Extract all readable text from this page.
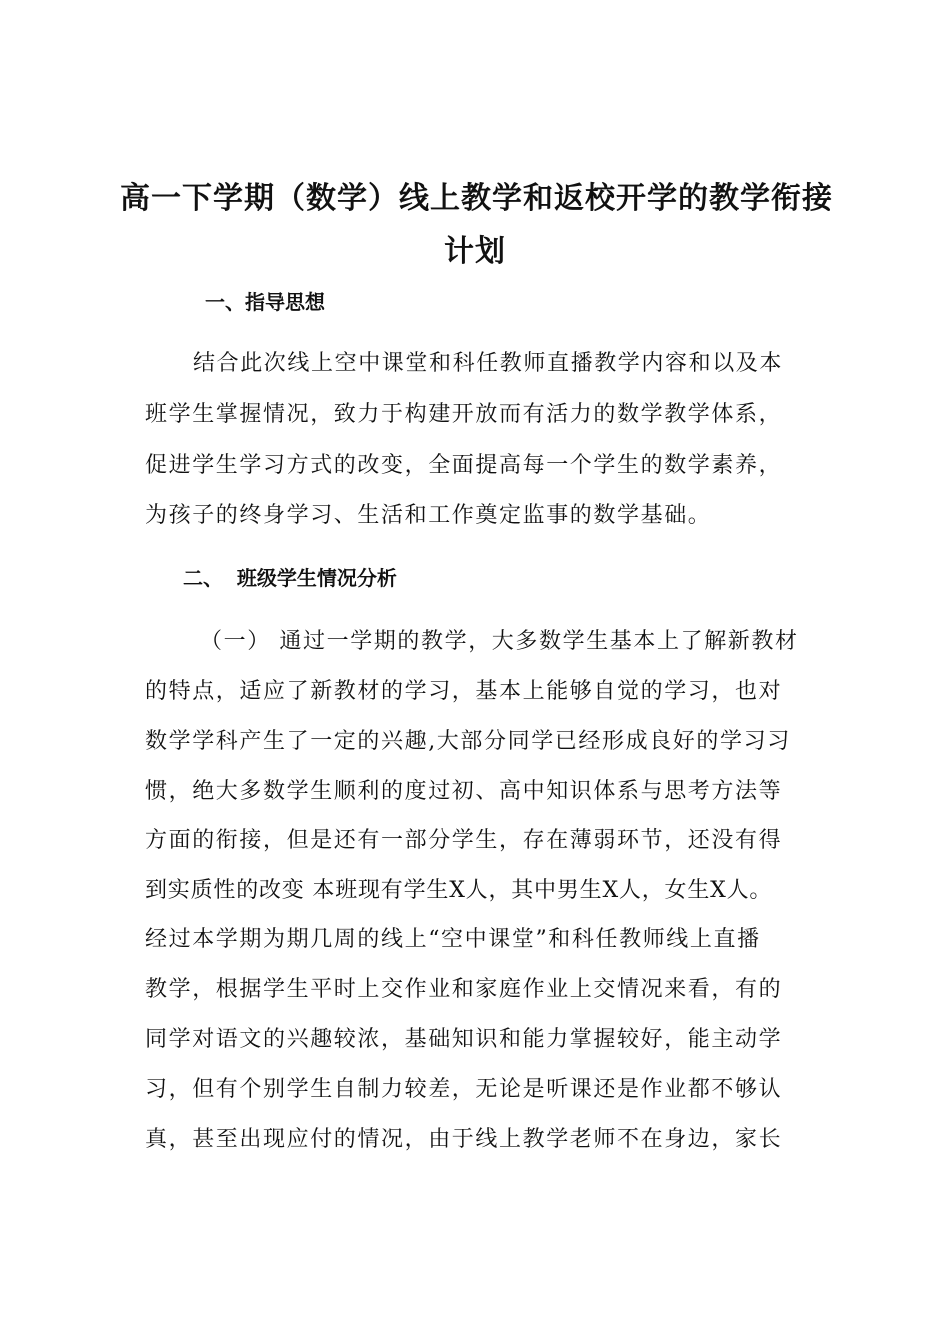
高一下学期（数学）线上教学和返校开学的教学衔接
计划
一、指导思想
结合此次线上空中课堂和科任教师直播教学内容和以及本
班学生掌握情况，致力于构建开放而有活力的数学教学体系，
促进学生学习方式的改变，全面提高每一个学生的数学素养，
为孩子的终身学习、生活和工作奠定监事的数学基础。
二、  班级学生情况分析
（一） 通过一学期的教学，大多数学生基本上了解新教材
的特点，适应了新教材的学习，基本上能够自觉的学习，也对
数学学科产生了一定的兴趣,大部分同学已经形成良好的学习习
惯，绝大多数学生顺利的度过初、高中知识体系与思考方法等
方面的衔接，但是还有一部分学生，存在薄弱环节，还没有得
到实质性的改变 本班现有学生X人，其中男生X人，女生X人。
经过本学期为期几周的线上“空中课堂”和科任教师线上直播
教学，根据学生平时上交作业和家庭作业上交情况来看，有的
同学对语文的兴趣较浓，基础知识和能力掌握较好，能主动学
习，但有个别学生自制力较差，无论是听课还是作业都不够认
真，甚至出现应付的情况，由于线上教学老师不在身边，家长
